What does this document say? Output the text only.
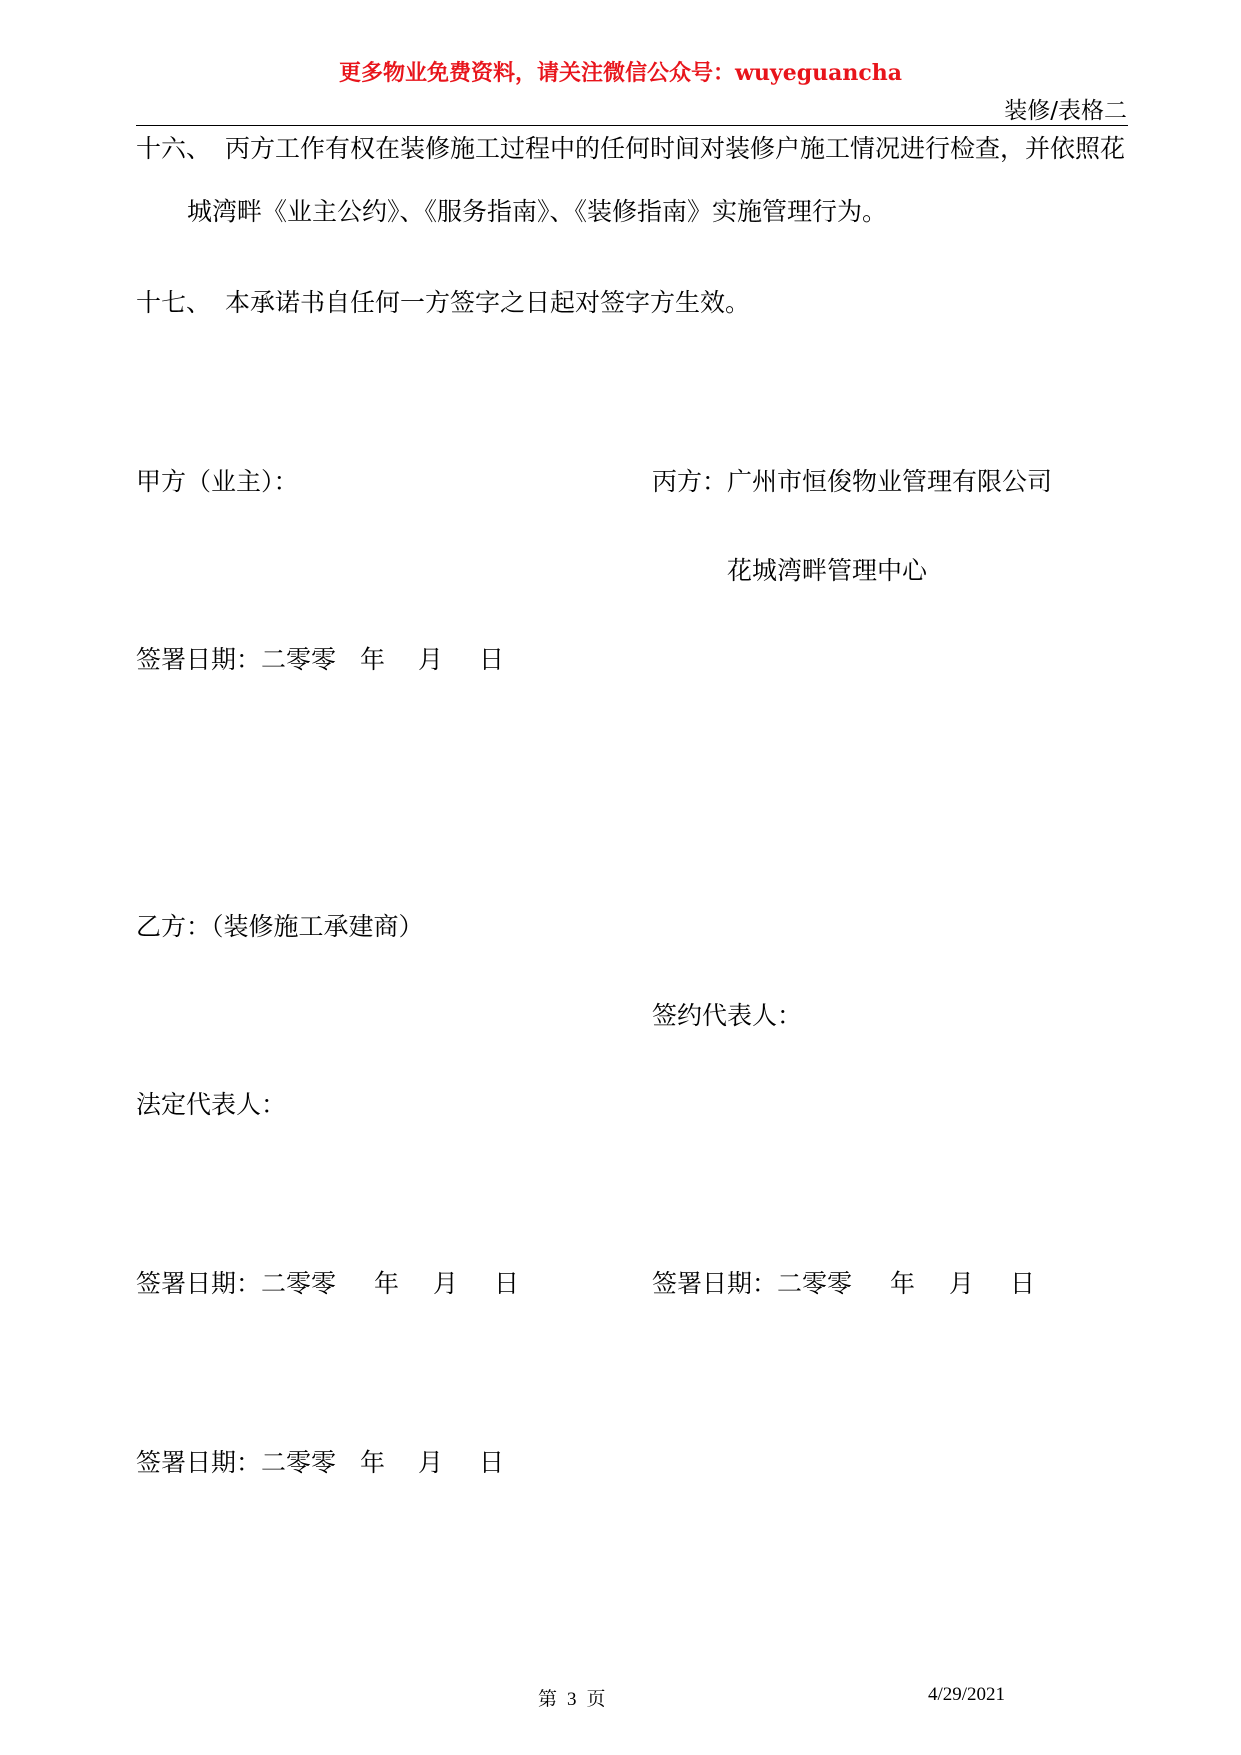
更多物业免费资料，请关注微信公众号：wuyeguancha
装修/表格二
十六、 丙方工作有权在装修施工过程中的任何时间对装修户施工情况进行检查，并依照花
城湾畔《业主公约》、《服务指南》、《装修指南》实施管理行为。
十七、 本承诺书自任何一方签字之日起对签字方生效。
甲方（业主）：	丙方：广州市恒俊物业管理有限公司
花城湾畔管理中心
签署日期：二零零 年 月 日
乙方：（装修施工承建商）
签约代表人：
法定代表人：
签署日期：二零零 年 月 日	签署日期：二零零 年 月 日
签署日期：二零零 年 月 日
第 3 页	4/29/2021
